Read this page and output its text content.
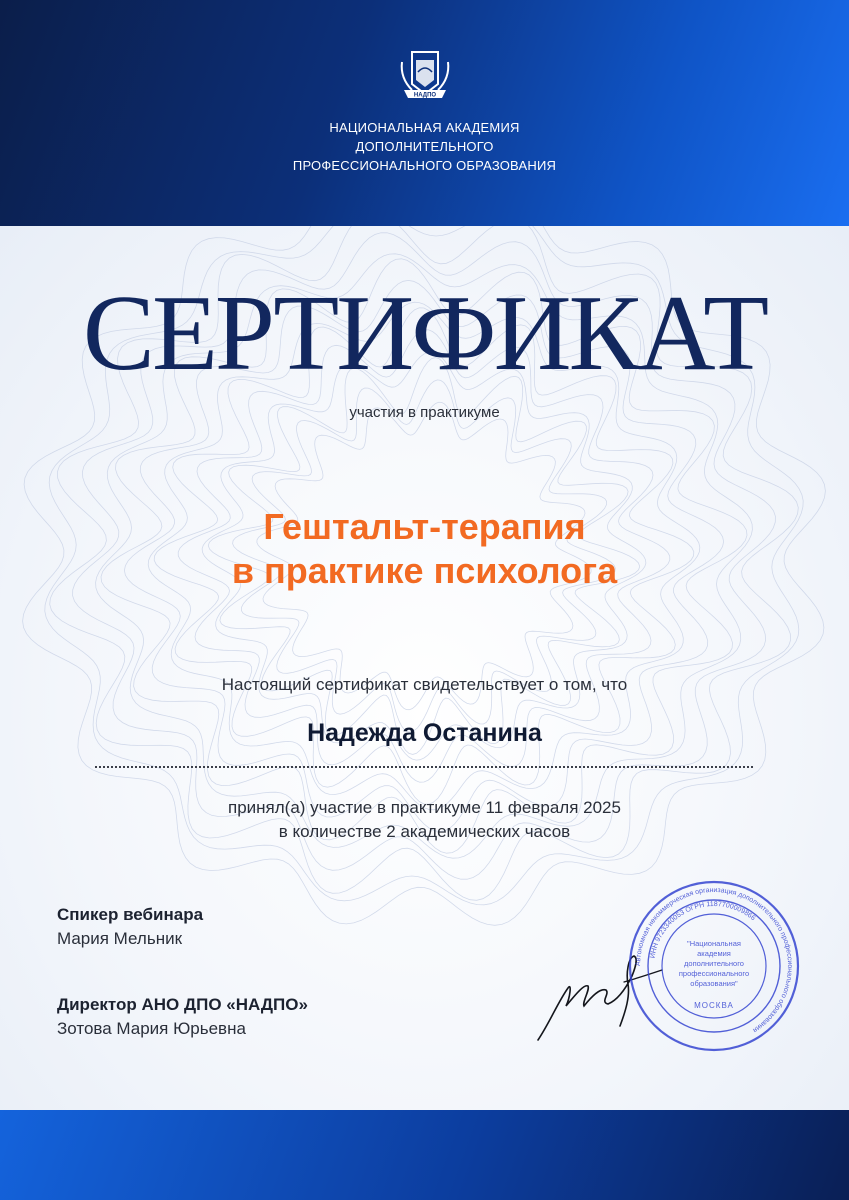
НАДПО
НАЦИОНАЛЬНАЯ АКАДЕМИЯ
ДОПОЛНИТЕЛЬНОГО
ПРОФЕССИОНАЛЬНОГО ОБРАЗОВАНИЯ
СЕРТИФИКАТ
участия в практикуме
Гештальт-терапия
в практике психолога
Настоящий сертификат свидетельствует о том, что
Надежда Останина
принял(а) участие в практикуме 11 февраля 2025
в количестве 2 академических часов
Спикер вебинара
Мария Мельник
Директор АНО ДПО «НАДПО»
Зотова Мария Юрьевна
Автономная некоммерческая организация дополнительного профессионального образования
ИНН 9723340053 ОГРН 1187700009866
"Национальная
академия
дополнительного
профессионального
образования"
МОСКВА
